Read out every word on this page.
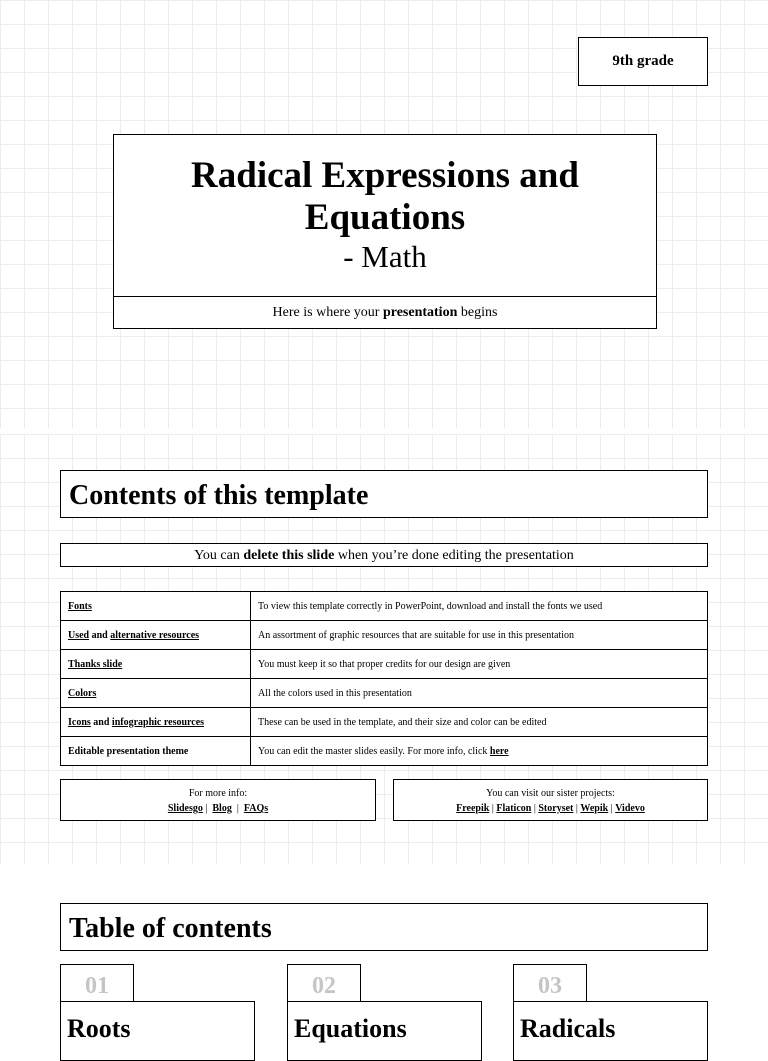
9th grade
Radical Expressions and Equations
- Math
Here is where your presentation begins
Contents of this template
You can delete this slide when you’re done editing the presentation
Fonts	To view this template correctly in PowerPoint, download and install the fonts we used
Used and alternative resources	An assortment of graphic resources that are suitable for use in this presentation
Thanks slide	You must keep it so that proper credits for our design are given
Colors	All the colors used in this presentation
Icons and infographic resources	These can be used in the template, and their size and color can be edited
Editable presentation theme	You can edit the master slides easily. For more info, click here
For more info:
Slidesgo |  Blog  |  FAQs
You can visit our sister projects:
Freepik | Flaticon | Storyset | Wepik | Videvo
Table of contents
01	02	03
Roots	Equations	Radicals
